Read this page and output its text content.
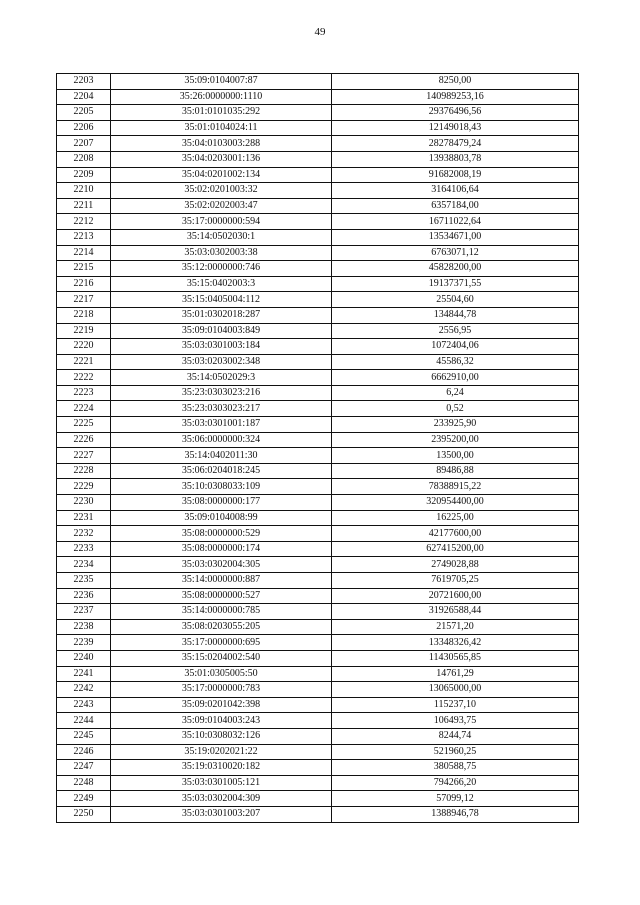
49
2203	35:09:0104007:87	8250,00
2204	35:26:0000000:1110	140989253,16
2205	35:01:0101035:292	29376496,56
2206	35:01:0104024:11	12149018,43
2207	35:04:0103003:288	28278479,24
2208	35:04:0203001:136	13938803,78
2209	35:04:0201002:134	91682008,19
2210	35:02:0201003:32	3164106,64
2211	35:02:0202003:47	6357184,00
2212	35:17:0000000:594	16711022,64
2213	35:14:0502030:1	13534671,00
2214	35:03:0302003:38	6763071,12
2215	35:12:0000000:746	45828200,00
2216	35:15:0402003:3	19137371,55
2217	35:15:0405004:112	25504,60
2218	35:01:0302018:287	134844,78
2219	35:09:0104003:849	2556,95
2220	35:03:0301003:184	1072404,06
2221	35:03:0203002:348	45586,32
2222	35:14:0502029:3	6662910,00
2223	35:23:0303023:216	6,24
2224	35:23:0303023:217	0,52
2225	35:03:0301001:187	233925,90
2226	35:06:0000000:324	2395200,00
2227	35:14:0402011:30	13500,00
2228	35:06:0204018:245	89486,88
2229	35:10:0308033:109	78388915,22
2230	35:08:0000000:177	320954400,00
2231	35:09:0104008:99	16225,00
2232	35:08:0000000:529	42177600,00
2233	35:08:0000000:174	627415200,00
2234	35:03:0302004:305	2749028,88
2235	35:14:0000000:887	7619705,25
2236	35:08:0000000:527	20721600,00
2237	35:14:0000000:785	31926588,44
2238	35:08:0203055:205	21571,20
2239	35:17:0000000:695	13348326,42
2240	35:15:0204002:540	11430565,85
2241	35:01:0305005:50	14761,29
2242	35:17:0000000:783	13065000,00
2243	35:09:0201042:398	115237,10
2244	35:09:0104003:243	106493,75
2245	35:10:0308032:126	8244,74
2246	35:19:0202021:22	521960,25
2247	35:19:0310020:182	380588,75
2248	35:03:0301005:121	794266,20
2249	35:03:0302004:309	57099,12
2250	35:03:0301003:207	1388946,78
